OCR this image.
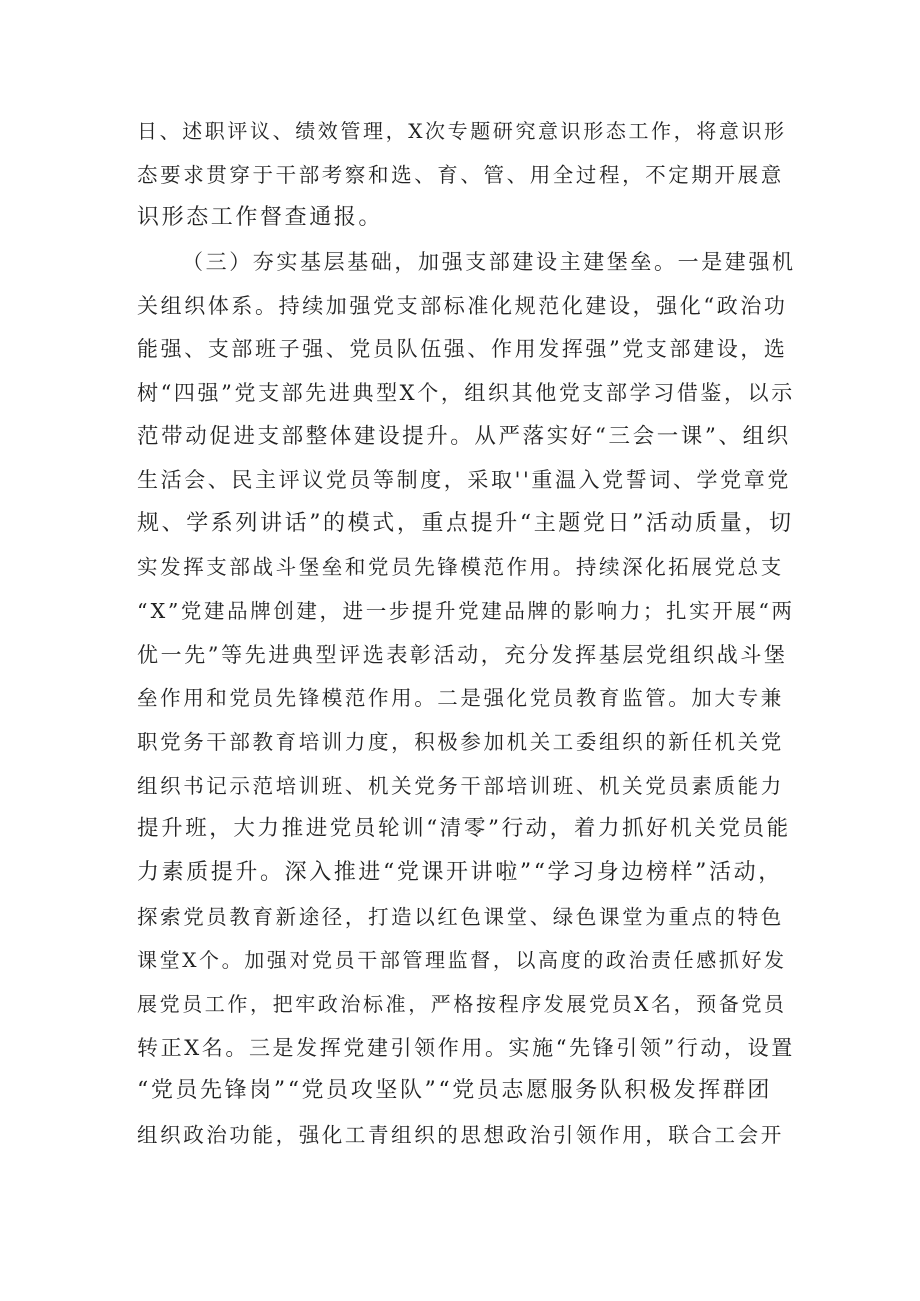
日、述职评议、绩效管理，X次专题研究意识形态工作，将意识形
态要求贯穿于干部考察和选、育、管、用全过程，不定期开展意
识形态工作督查通报。
（三）夯实基层基础，加强支部建设主建堡垒。一是建强机
关组织体系。持续加强党支部标准化规范化建设，强化“政治功
能强、支部班子强、党员队伍强、作用发挥强”党支部建设，选
树“四强”党支部先进典型X个，组织其他党支部学习借鉴，以示
范带动促进支部整体建设提升。从严落实好“三会一课”、组织
生活会、民主评议党员等制度，采取''重温入党誓词、学党章党
规、学系列讲话”的模式，重点提升“主题党日”活动质量，切
实发挥支部战斗堡垒和党员先锋模范作用。持续深化拓展党总支
“X”党建品牌创建，进一步提升党建品牌的影响力；扎实开展“两
优一先”等先进典型评选表彰活动，充分发挥基层党组织战斗堡
垒作用和党员先锋模范作用。二是强化党员教育监管。加大专兼
职党务干部教育培训力度，积极参加机关工委组织的新任机关党
组织书记示范培训班、机关党务干部培训班、机关党员素质能力
提升班，大力推进党员轮训“清零”行动，着力抓好机关党员能
力素质提升。深入推进“党课开讲啦”“学习身边榜样”活动，
探索党员教育新途径，打造以红色课堂、绿色课堂为重点的特色
课堂X个。加强对党员干部管理监督，以高度的政治责任感抓好发
展党员工作，把牢政治标准，严格按程序发展党员X名，预备党员
转正X名。三是发挥党建引领作用。实施“先锋引领”行动，设置
“党员先锋岗”“党员攻坚队”“党员志愿服务队积极发挥群团
组织政治功能，强化工青组织的思想政治引领作用，联合工会开
